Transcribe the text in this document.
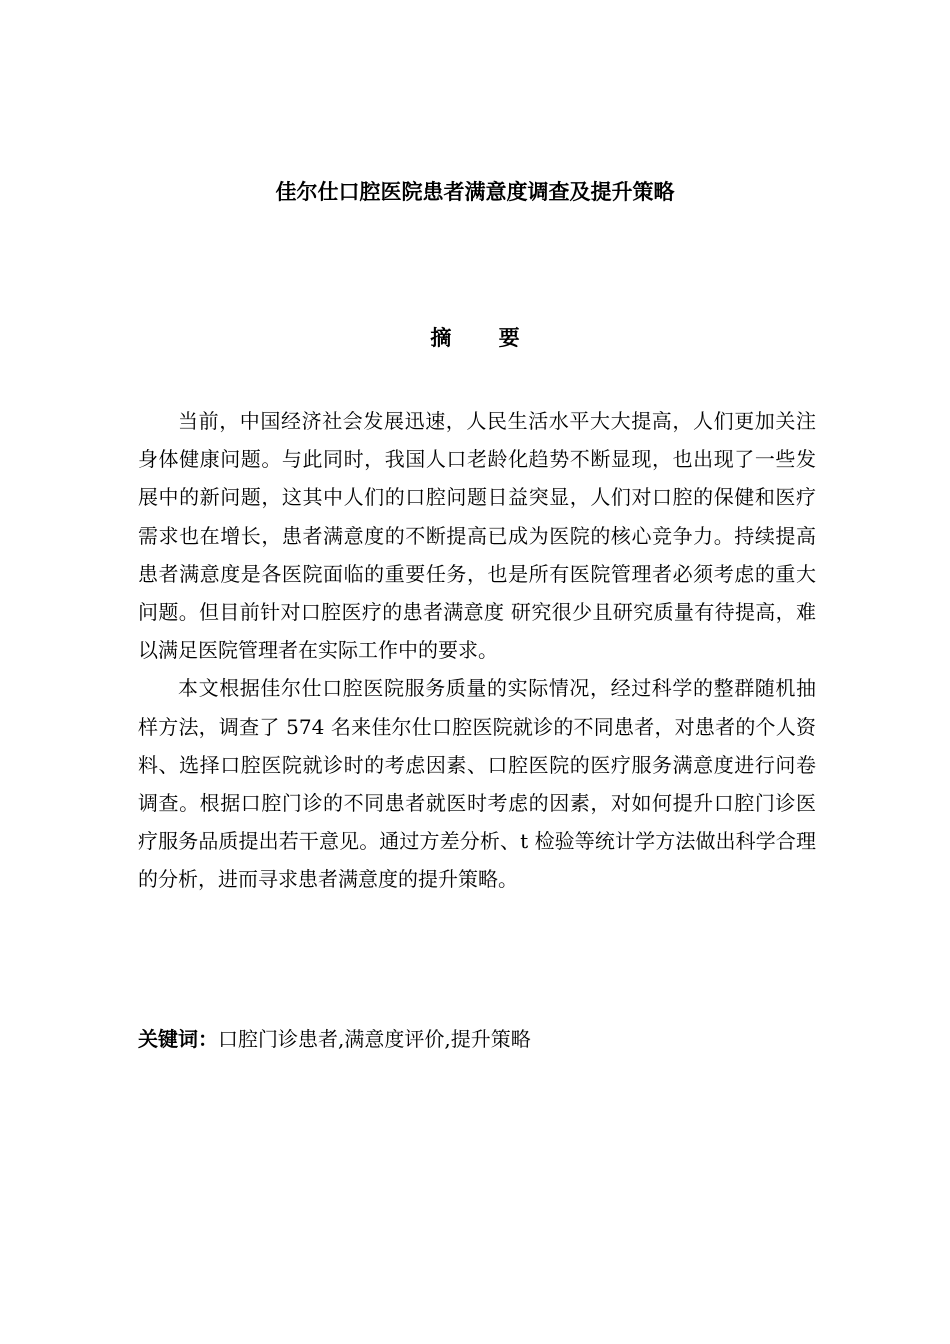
佳尔仕口腔医院患者满意度调查及提升策略
摘 要

当前，中国经济社会发展迅速，人民生活水平大大提高，人们更加关注身体健康问题。与此同时，我国人口老龄化趋势不断显现，也出现了一些发展中的新问题，这其中人们的口腔问题日益突显，人们对口腔的保健和医疗需求也在增长，患者满意度的不断提高已成为医院的核心竞争力。持续提高患者满意度是各医院面临的重要任务，也是所有医院管理者必须考虑的重大问题。但目前针对口腔医疗的患者满意度 研究很少且研究质量有待提高，难以满足医院管理者在实际工作中的要求。

本文根据佳尔仕口腔医院服务质量的实际情况，经过科学的整群随机抽样方法，调查了 574 名来佳尔仕口腔医院就诊的不同患者，对患者的个人资料、选择口腔医院就诊时的考虑因素、口腔医院的医疗服务满意度进行问卷调查。根据口腔门诊的不同患者就医时考虑的因素，对如何提升口腔门诊医疗服务品质提出若干意见。通过方差分析、t 检验等统计学方法做出科学合理的分析，进而寻求患者满意度的提升策略。

关键词：口腔门诊患者,满意度评价,提升策略
